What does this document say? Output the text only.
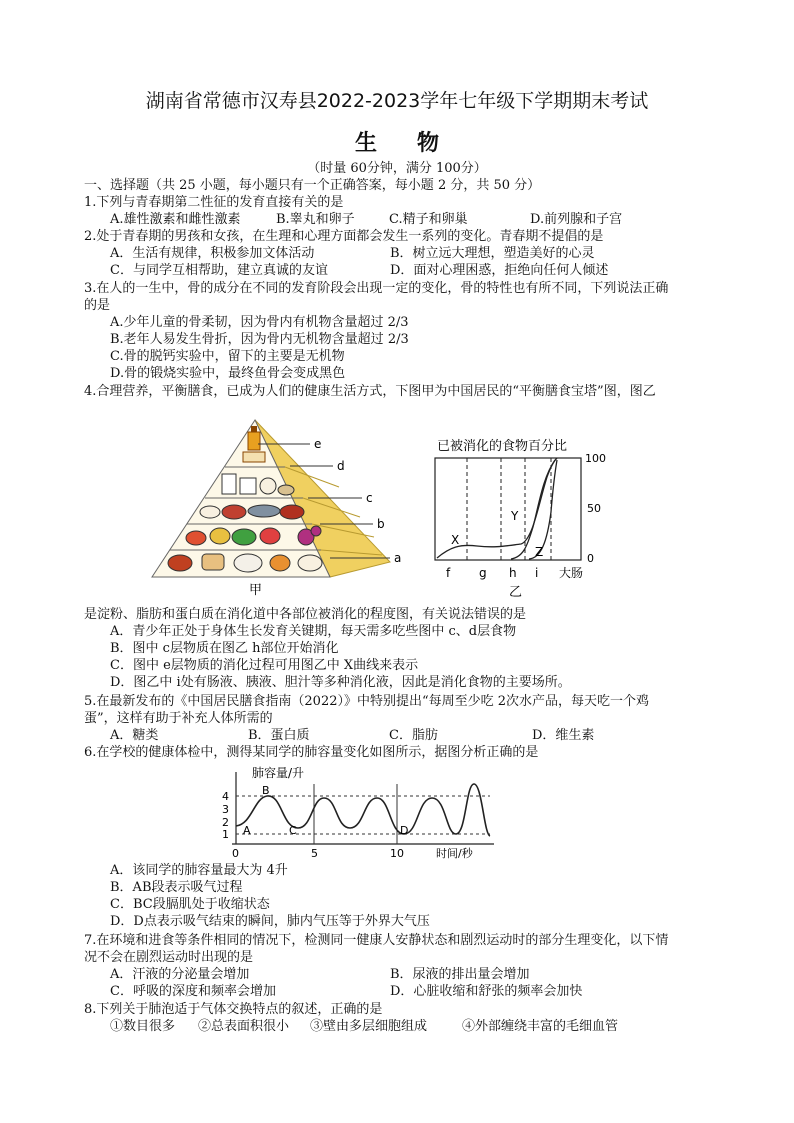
湖南省常德市汉寿县2022-2023学年七年级下学期期末考试
生物
（时量 60分钟，满分 100分）
一、选择题（共 25 小题，每小题只有一个正确答案，每小题 2 分，共 50 分）
1.下列与青春期第二性征的发育直接有关的是
A.雄性激素和雌性激素	B.睾丸和卵子	C.精子和卵巢	D.前列腺和子宫
2.处于青春期的男孩和女孩，在生理和心理方面都会发生一系列的变化。青春期不提倡的是
A．生活有规律，积极参加文体活动	B．树立远大理想，塑造美好的心灵
C．与同学互相帮助，建立真诚的友谊	D．面对心理困惑，拒绝向任何人倾述
3.在人的一生中，骨的成分在不同的发育阶段会出现一定的变化，骨的特性也有所不同，下列说法正确
的是
A.少年儿童的骨柔韧，因为骨内有机物含量超过 2/3
B.老年人易发生骨折，因为骨内无机物含量超过 2/3
C.骨的脱钙实验中，留下的主要是无机物
D.骨的锻烧实验中，最终鱼骨会变成黑色
4.合理营养，平衡膳食，已成为人们的健康生活方式，下图甲为中国居民的“平衡膳食宝塔”图，图乙
e
d
c
b
a
甲
已被消化的食物百分比
X
Y
Z
100
50
0
f g h i 大肠
乙
是淀粉、脂肪和蛋白质在消化道中各部位被消化的程度图，有关说法错误的是
A．青少年正处于身体生长发育关键期，每天需多吃些图中 c、d层食物
B．图中 c层物质在图乙 h部位开始消化
C．图中 e层物质的消化过程可用图乙中 X曲线来表示
D．图乙中 i处有肠液、胰液、胆汁等多种消化液，因此是消化食物的主要场所。
5.在最新发布的《中国居民膳食指南（2022）》中特别提出“每周至少吃 2次水产品，每天吃一个鸡
蛋”，这样有助于补充人体所需的
A．糖类	B．蛋白质	C．脂肪	D．维生素
6.在学校的健康体检中，测得某同学的肺容量变化如图所示，据图分析正确的是
肺容量/升
4
3
2
1 A
B
C	D
0	5	10	时间/秒
A．该同学的肺容量最大为 4升
B．AB段表示吸气过程
C．BC段膈肌处于收缩状态
D．D点表示吸气结束的瞬间，肺内气压等于外界大气压
7.在环境和进食等条件相同的情况下，检测同一健康人安静状态和剧烈运动时的部分生理变化，以下情
况不会在剧烈运动时出现的是
A．汗液的分泌量会增加	B．尿液的排出量会增加
C．呼吸的深度和频率会增加	D．心脏收缩和舒张的频率会加快
8.下列关于肺泡适于气体交换特点的叙述，正确的是
①数目很多 ②总表面积很小 ③壁由多层细胞组成	④外部缠绕丰富的毛细血管
